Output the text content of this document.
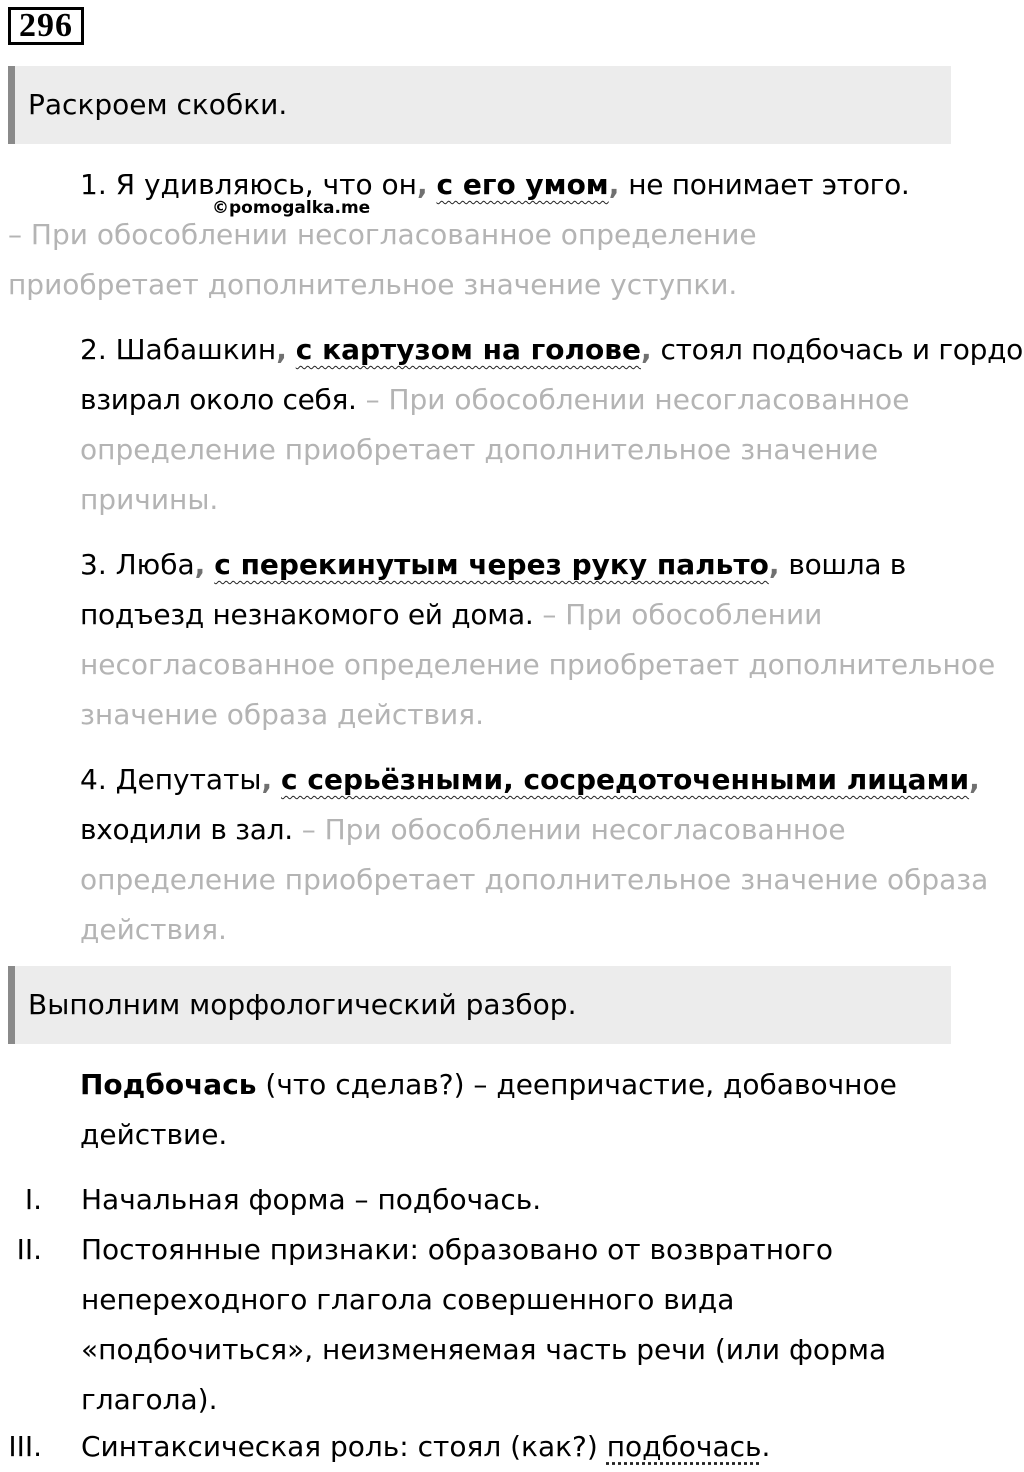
296
Раскроем скобки.

1. Я удивляюсь, что он, с его умом, не понимает этого.

©pomogalka.me

– При обособлении несогласованное определение приобретает дополнительное значение уступки.

2. Шабашкин, с картузом на голове, стоял подбочась и гордо взирал около себя. – При обособлении несогласованное определение приобретает дополнительное значение причины.

3. Люба, с перекинутым через руку пальто, вошла в подъезд незнакомого ей дома. – При обособлении несогласованное определение приобретает дополнительное значение образа действия.

4. Депутаты, с серьёзными, сосредоточенными лицами, входили в зал. – При обособлении несогласованное определение приобретает дополнительное значение образа действия.

Выполним морфологический разбор.

Подбочась (что сделав?) – деепричастие, добавочное действие.

I. Начальная форма – подбочась.
II. Постоянные признаки: образовано от возвратного непереходного глагола совершенного вида «подбочиться», неизменяемая часть речи (или форма глагола).
III. Синтаксическая роль: стоял (как?) подбочась.
